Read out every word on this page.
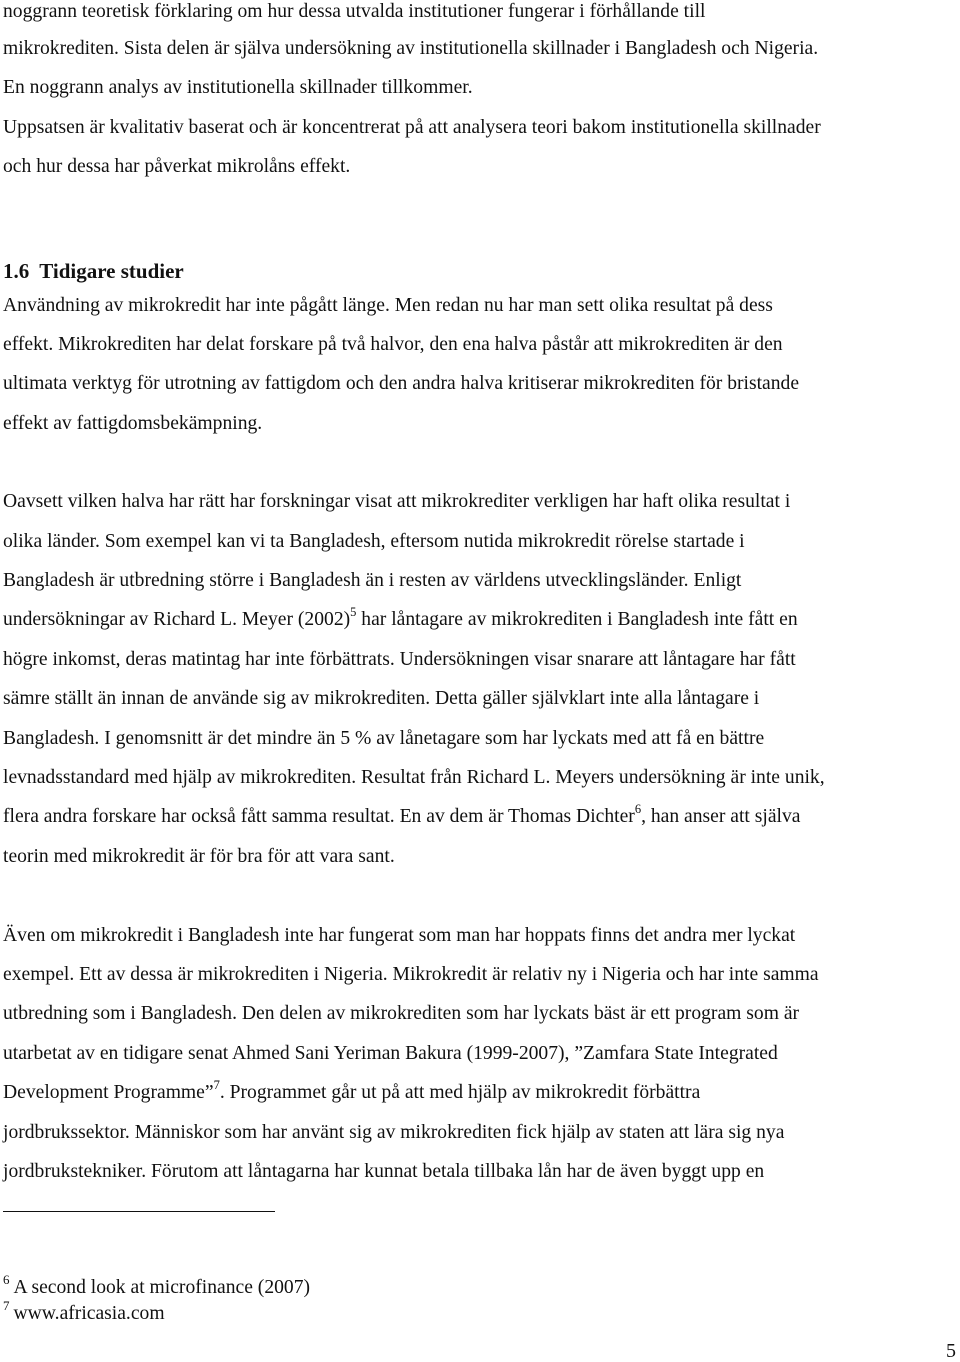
noggrann teoretisk förklaring om hur dessa utvalda institutioner fungerar i förhållande till
mikrokrediten. Sista delen är själva undersökning av institutionella skillnader i Bangladesh och Nigeria.
En noggrann analys av institutionella skillnader tillkommer.
Uppsatsen är kvalitativ baserat och är koncentrerat på att analysera teori bakom institutionella skillnader
och hur dessa har påverkat mikrolåns effekt.
1.6 Tidigare studier
Användning av mikrokredit har inte pågått länge. Men redan nu har man sett olika resultat på dess
effekt. Mikrokrediten har delat forskare på två halvor, den ena halva påstår att mikrokrediten är den
ultimata verktyg för utrotning av fattigdom och den andra halva kritiserar mikrokrediten för bristande
effekt av fattigdomsbekämpning.
Oavsett vilken halva har rätt har forskningar visat att mikrokrediter verkligen har haft olika resultat i
olika länder. Som exempel kan vi ta Bangladesh, eftersom nutida mikrokredit rörelse startade i
Bangladesh är utbredning större i Bangladesh än i resten av världens utvecklingsländer. Enligt
undersökningar av Richard L. Meyer $(2002)^5$ har låntagare av mikrokrediten i Bangladesh inte fått en
högre inkomst, deras matintag har inte förbättrats. Undersökningen visar snarare att låntagare har fått
sämre ställt än innan de använde sig av mikrokrediten. Detta gäller självklart inte alla låntagare i
Bangladesh. I genomsnitt är det mindre än 5 % av lånetagare som har lyckats med att få en bättre
levnadsstandard med hjälp av mikrokrediten. Resultat från Richard L. Meyers undersökning är inte unik,
flera andra forskare har också fått samma resultat. En av dem är Thomas Dichter$^6$, han anser att själva
teorin med mikrokredit är för bra för att vara sant.
Även om mikrokredit i Bangladesh inte har fungerat som man har hoppats finns det andra mer lyckat
exempel. Ett av dessa är mikrokrediten i Nigeria. Mikrokredit är relativ ny i Nigeria och har inte samma
utbredning som i Bangladesh. Den delen av mikrokrediten som har lyckats bäst är ett program som är
utarbetat av en tidigare senat Ahmed Sani Yeriman Bakura (1999-2007), ”Zamfara State Integrated
Development Programme”$^7$. Programmet går ut på att med hjälp av mikrokredit förbättra
jordbrukssektor. Människor som har använt sig av mikrokrediten fick hjälp av staten att lära sig nya
jordbrukstekniker. Förutom att låntagarna har kunnat betala tillbaka lån har de även byggt upp en
$^6$ A second look at microfinance (2007)
$^7$ www.africasia.com
5
